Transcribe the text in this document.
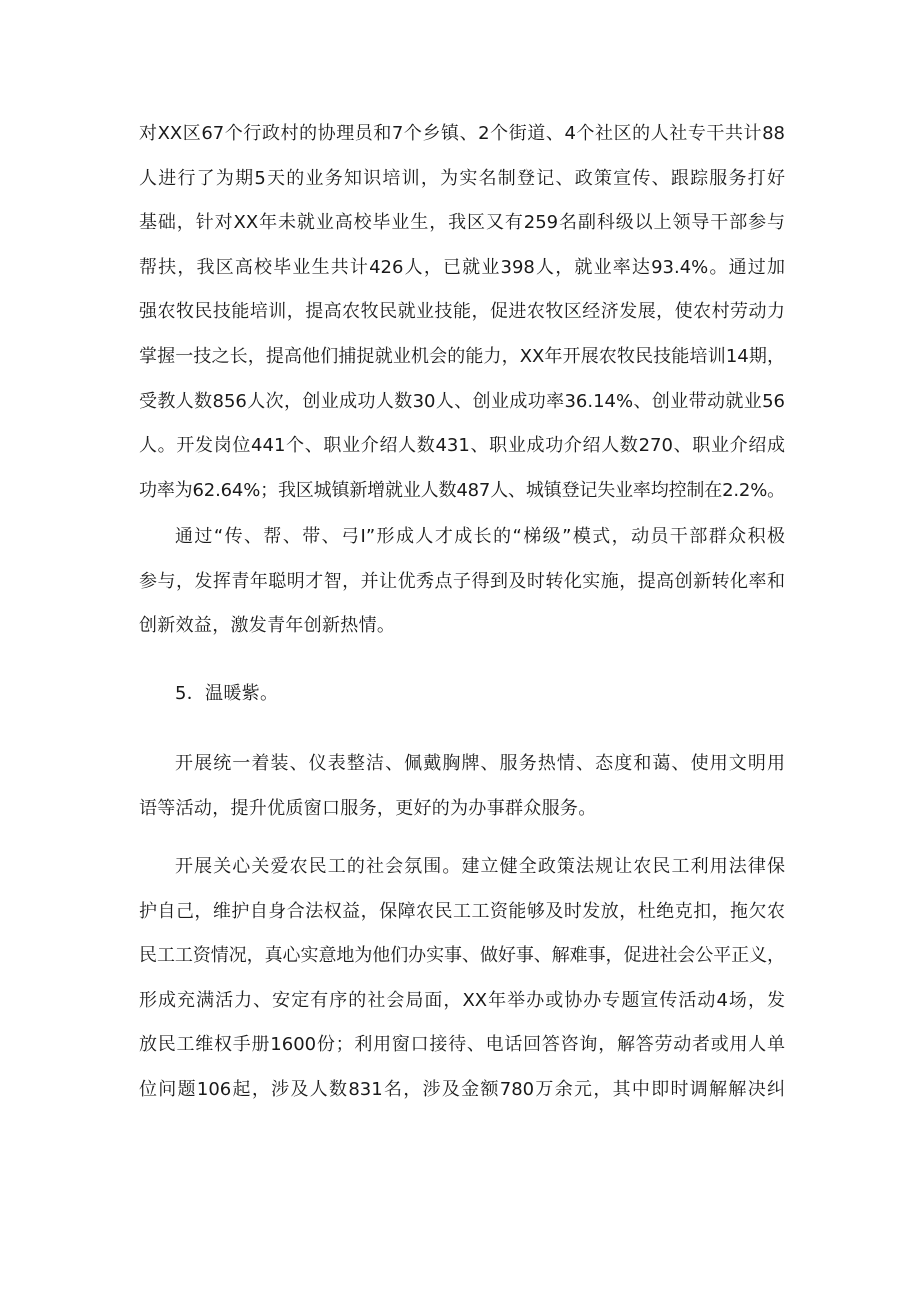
对XX区67个行政村的协理员和7个乡镇、2个街道、4个社区的人社专干共计88
人进行了为期5天的业务知识培训，为实名制登记、政策宣传、跟踪服务打好
基础，针对XX年未就业高校毕业生，我区又有259名副科级以上领导干部参与
帮扶，我区高校毕业生共计426人，已就业398人，就业率达93.4%。通过加
强农牧民技能培训，提高农牧民就业技能，促进农牧区经济发展，使农村劳动力
掌握一技之长，提高他们捕捉就业机会的能力，XX年开展农牧民技能培训14期，
受教人数856人次，创业成功人数30人、创业成功率36.14%、创业带动就业56
人。开发岗位441个、职业介绍人数431、职业成功介绍人数270、职业介绍成
功率为62.64%；我区城镇新增就业人数487人、城镇登记失业率均控制在2.2%。
通过“传、帮、带、弓I”形成人才成长的“梯级”模式，动员干部群众积极
参与，发挥青年聪明才智，并让优秀点子得到及时转化实施，提高创新转化率和
创新效益，激发青年创新热情。
5．温暖紫。
开展统一着装、仪表整洁、佩戴胸牌、服务热情、态度和蔼、使用文明用
语等活动，提升优质窗口服务，更好的为办事群众服务。
开展关心关爱农民工的社会氛围。建立健全政策法规让农民工利用法律保
护自己，维护自身合法权益，保障农民工工资能够及时发放，杜绝克扣，拖欠农
民工工资情况，真心实意地为他们办实事、做好事、解难事，促进社会公平正义，
形成充满活力、安定有序的社会局面，XX年举办或协办专题宣传活动4场，发
放民工维权手册1600份；利用窗口接待、电话回答咨询，解答劳动者或用人单
位问题106起，涉及人数831名，涉及金额780万余元，其中即时调解解决纠
